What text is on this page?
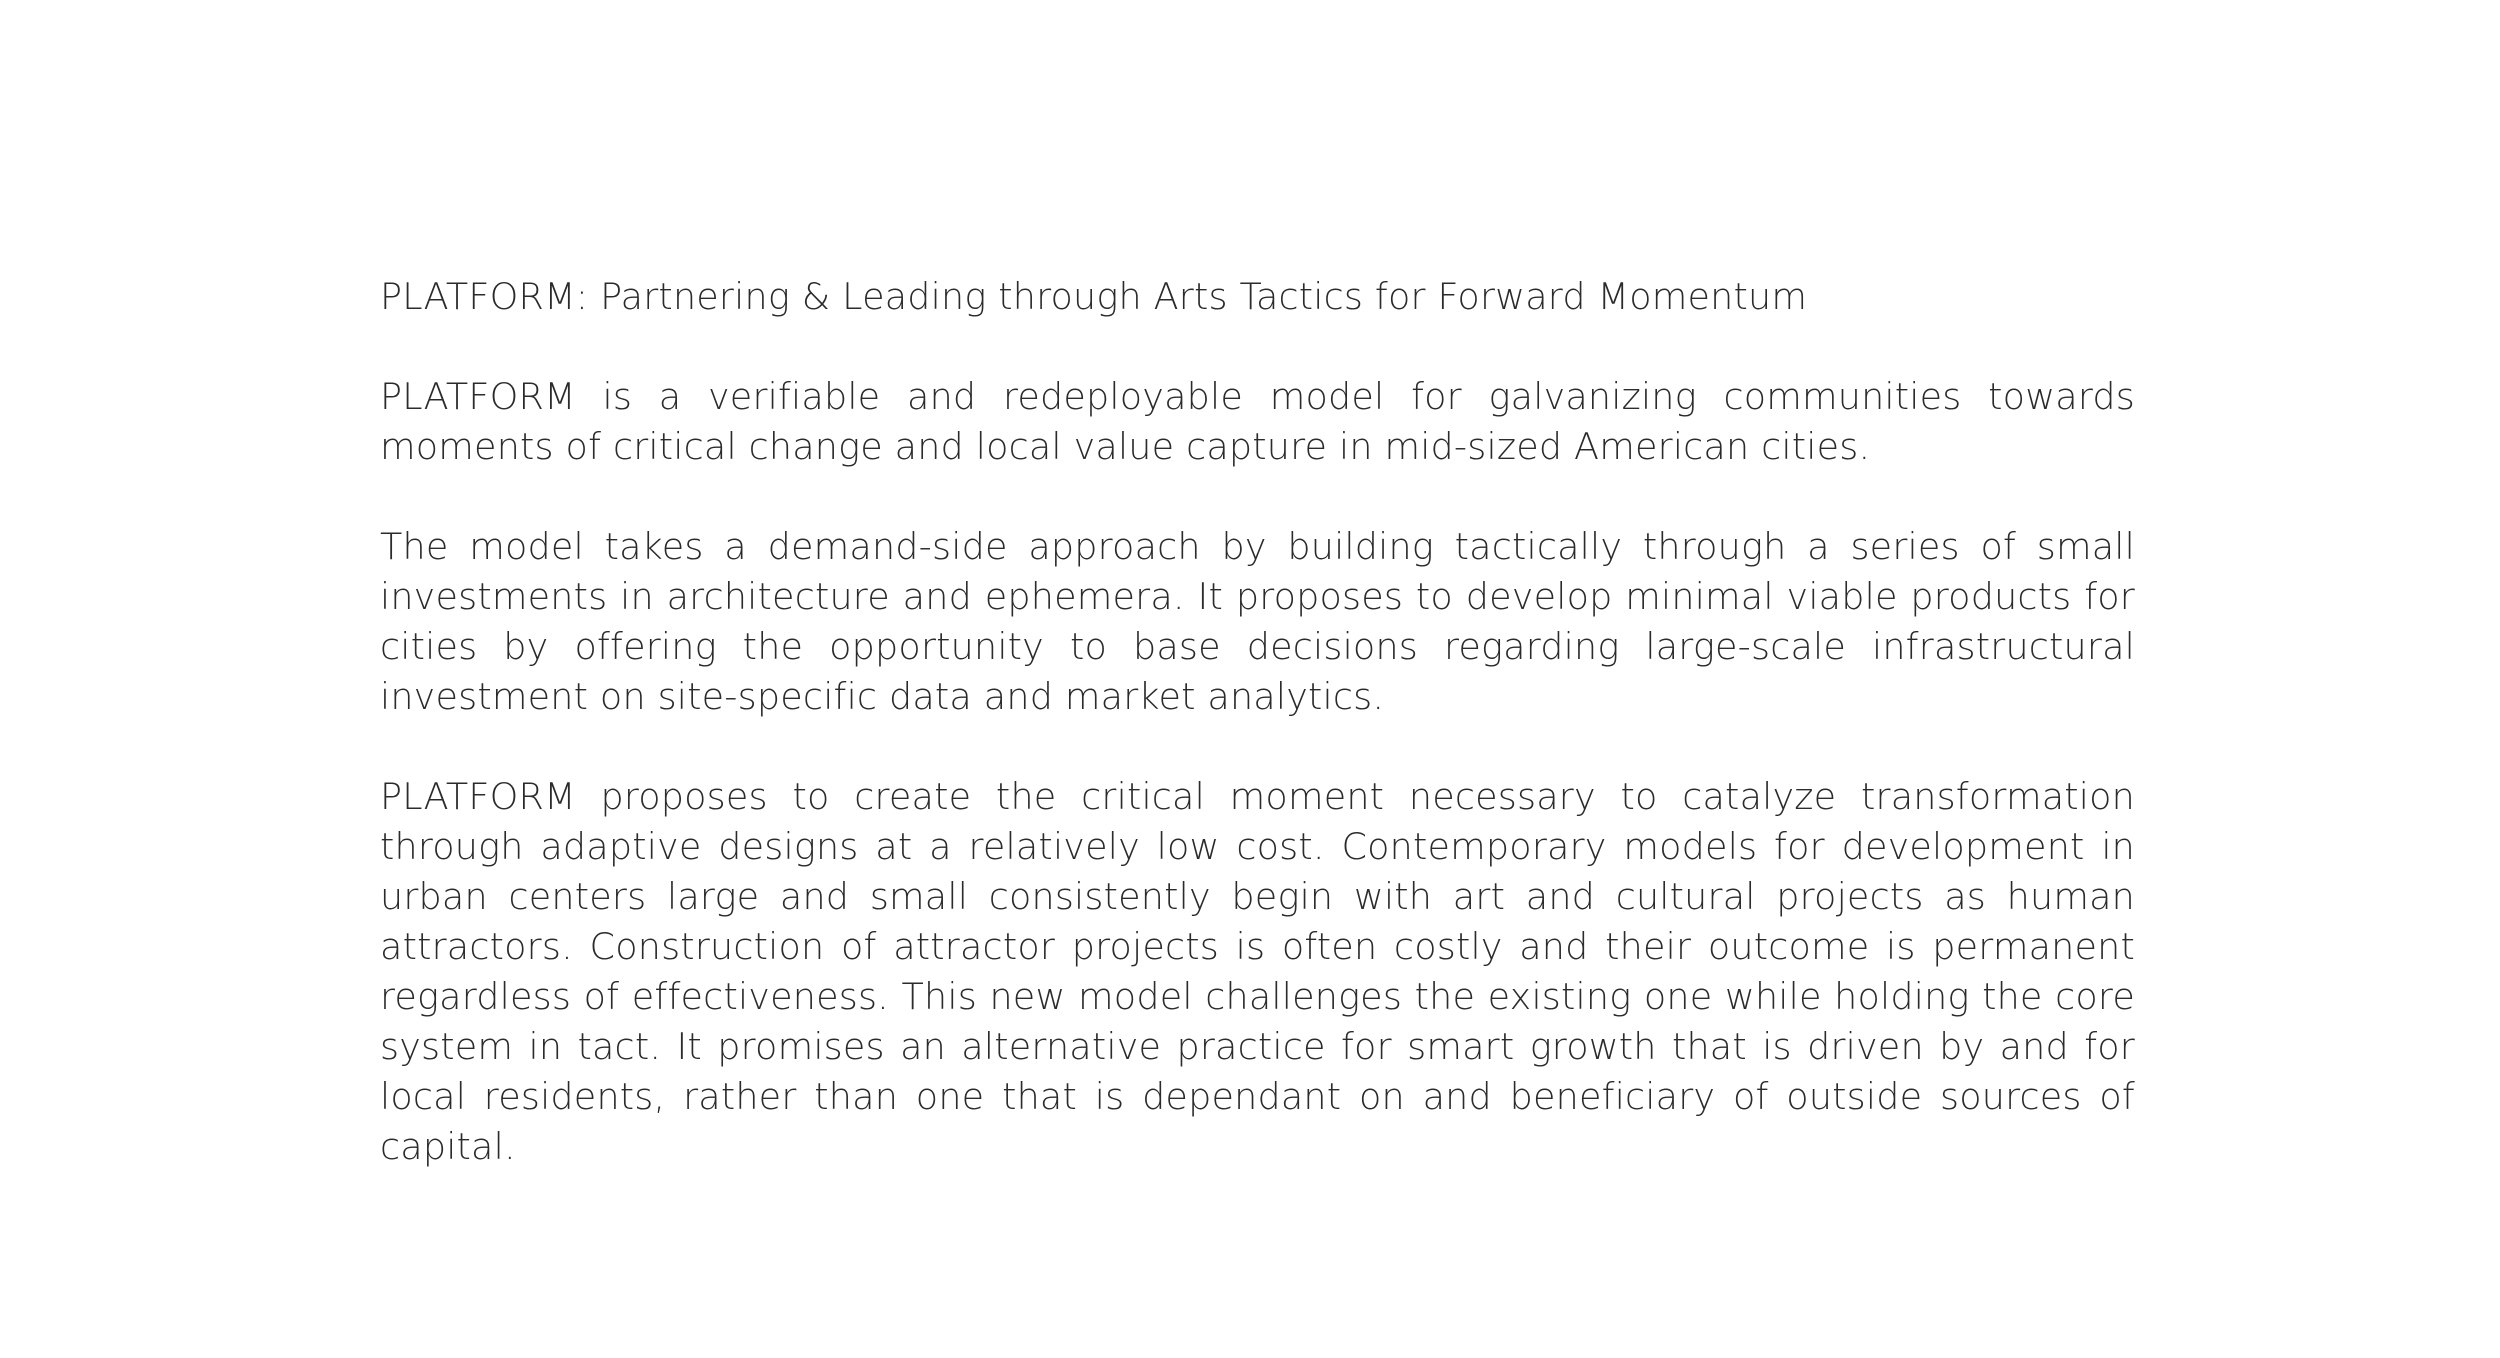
PLATFORM: Partnering & Leading through Arts Tactics for Forward Momentum

PLATFORM is a verifiable and redeployable model for galvanizing communities towards moments of critical change and local value capture in mid-sized American cities.

The model takes a demand-side approach by building tactically through a series of small investments in architecture and ephemera. It proposes to develop minimal viable products for cities by offering the opportunity to base decisions regarding large-scale infrastructural investment on site-specific data and market analytics.

PLATFORM proposes to create the critical moment necessary to catalyze transformation through adaptive designs at a relatively low cost. Contemporary models for development in urban centers large and small consistently begin with art and cultural projects as human attractors. Construction of attractor projects is often costly and their outcome is permanent regardless of effectiveness. This new model challenges the existing one while holding the core system in tact. It promises an alternative practice for smart growth that is driven by and for local residents, rather than one that is dependant on and beneficiary of outside sources of capital.
